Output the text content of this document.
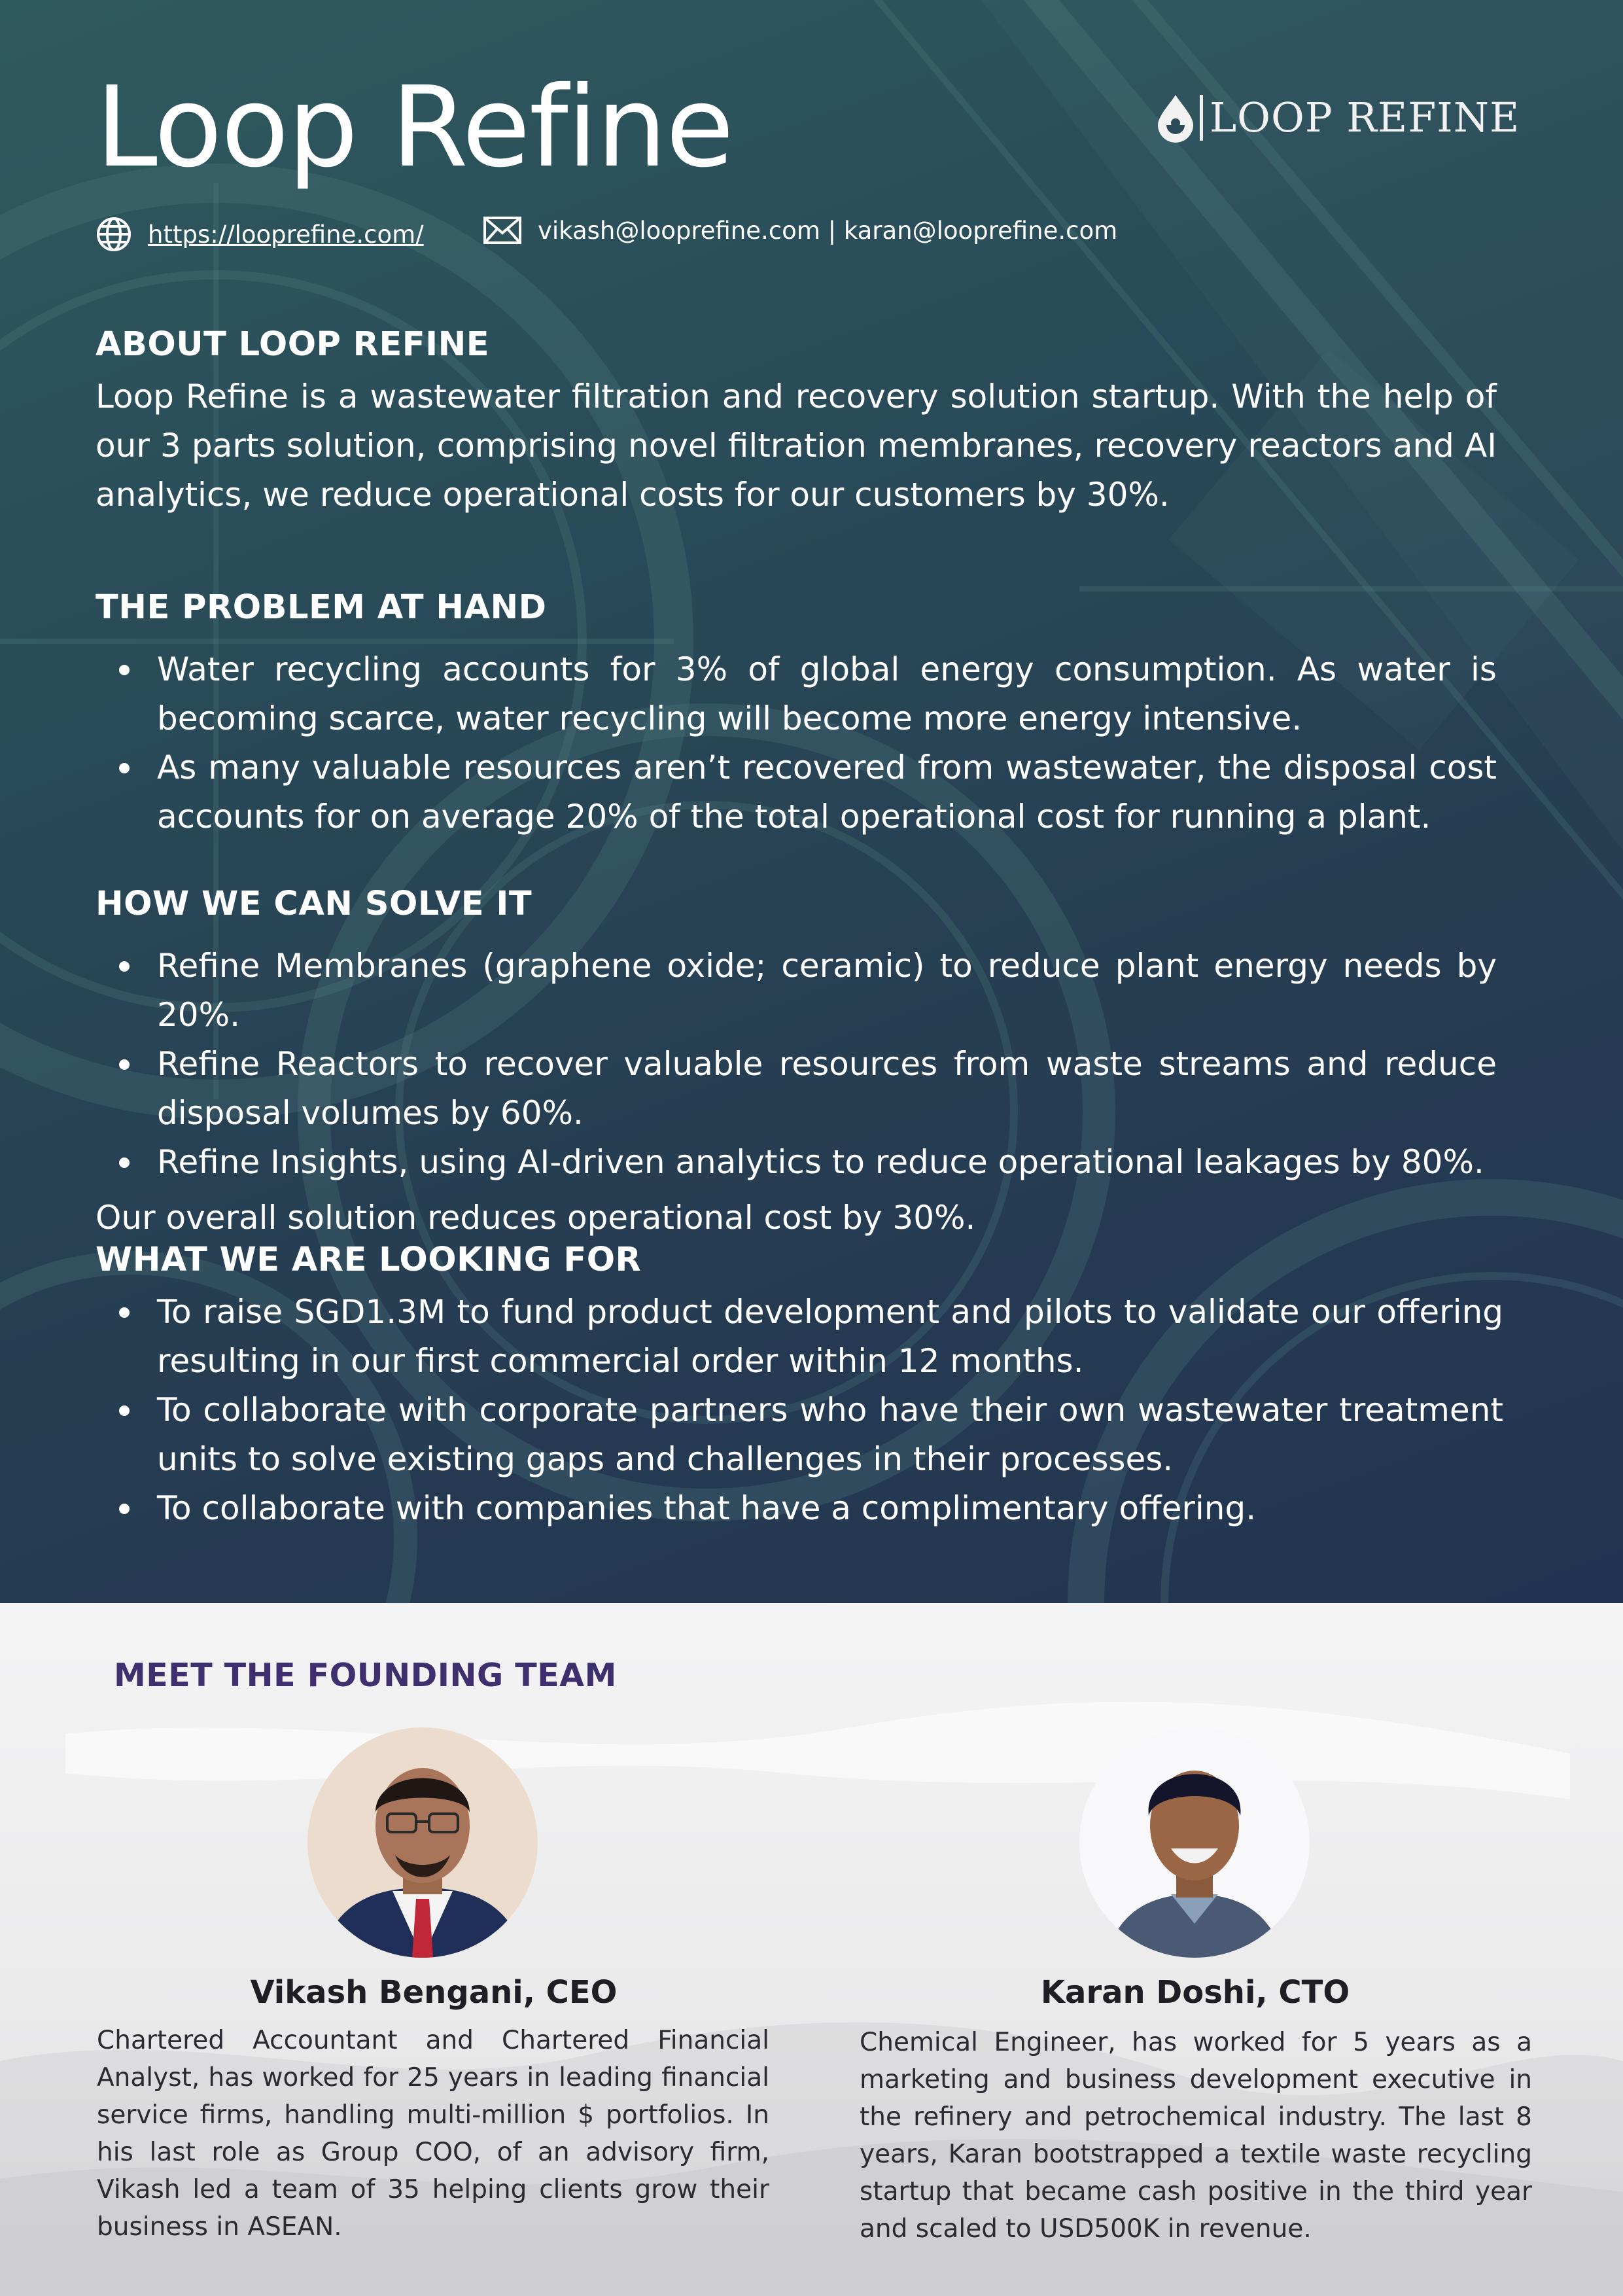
Loop Refine	LOOP REFINE
https://looprefine.com/	vikash@looprefine.com | karan@looprefine.com
ABOUT LOOP REFINE

Loop Refine is a wastewater filtration and recovery solution startup. With the help of our 3 parts solution, comprising novel filtration membranes, recovery reactors and AI analytics, we reduce operational costs for our customers by 30%.

THE PROBLEM AT HAND
Water recycling accounts for 3% of global energy consumption. As water is becoming scarce, water recycling will become more energy intensive.
As many valuable resources aren’t recovered from wastewater, the disposal cost accounts for on average 20% of the total operational cost for running a plant.
HOW WE CAN SOLVE IT
Refine Membranes (graphene oxide; ceramic) to reduce plant energy needs by 20%.
Refine Reactors to recover valuable resources from waste streams and reduce disposal volumes by 60%.
Refine Insights, using AI-driven analytics to reduce operational leakages by 80%.

Our overall solution reduces operational cost by 30%.

WHAT WE ARE LOOKING FOR
To raise SGD1.3M to fund product development and pilots to validate our offering resulting in our first commercial order within 12 months.
To collaborate with corporate partners who have their own wastewater treatment units to solve existing gaps and challenges in their processes.
To collaborate with companies that have a complimentary offering.
MEET THE FOUNDING TEAM
Vikash Bengani, CEO

Chartered Accountant and Chartered Financial Analyst, has worked for 25 years in leading financial service firms, handling multi-million $ portfolios. In his last role as Group COO, of an advisory firm, Vikash led a team of 35 helping clients grow their business in ASEAN.

Karan Doshi, CTO

Chemical Engineer, has worked for 5 years as a marketing and business development executive in the refinery and petrochemical industry. The last 8 years, Karan bootstrapped a textile waste recycling startup that became cash positive in the third year and scaled to USD500K in revenue.
